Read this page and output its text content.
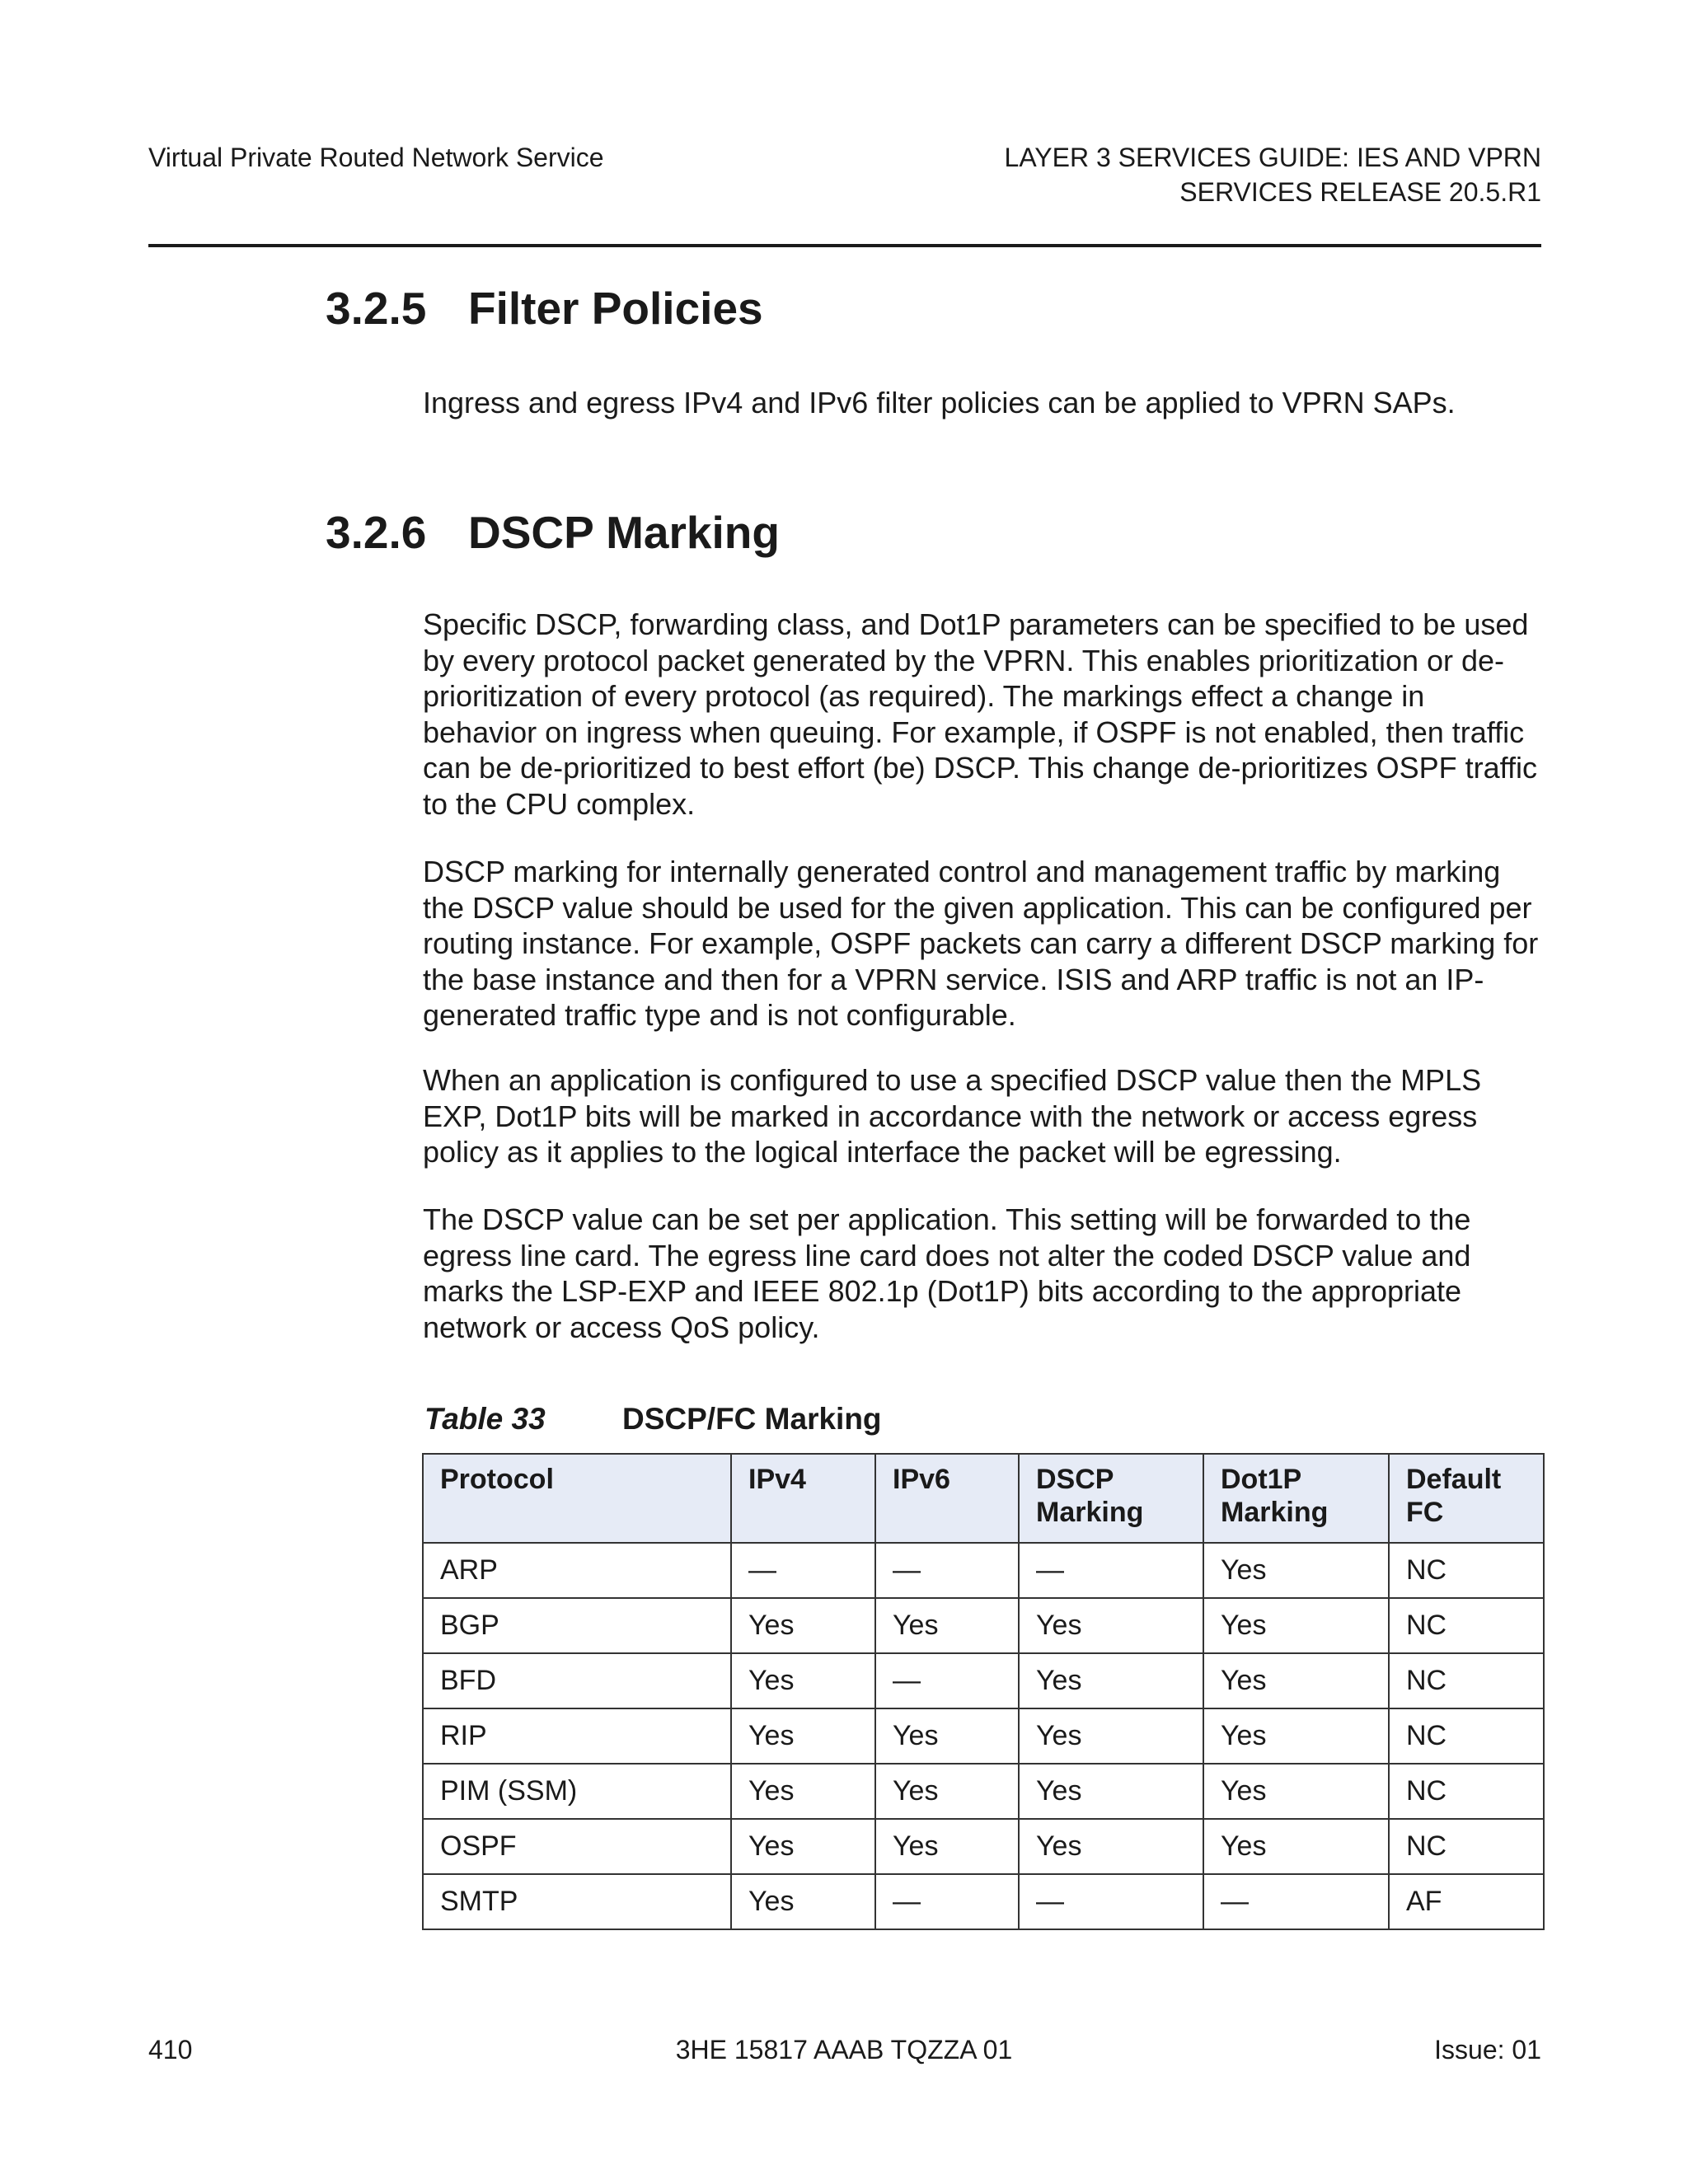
Virtual Private Routed Network Service	LAYER 3 SERVICES GUIDE: IES AND VPRN
SERVICES RELEASE 20.5.R1
3.2.5 Filter Policies

Ingress and egress IPv4 and IPv6 filter policies can be applied to VPRN SAPs.

3.2.6 DSCP Marking

Specific DSCP, forwarding class, and Dot1P parameters can be specified to be used by every protocol packet generated by the VPRN. This enables prioritization or de-prioritization of every protocol (as required). The markings effect a change in behavior on ingress when queuing. For example, if OSPF is not enabled, then traffic can be de-prioritized to best effort (be) DSCP. This change de-prioritizes OSPF traffic to the CPU complex.

DSCP marking for internally generated control and management traffic by marking the DSCP value should be used for the given application. This can be configured per routing instance. For example, OSPF packets can carry a different DSCP marking for the base instance and then for a VPRN service. ISIS and ARP traffic is not an IP-generated traffic type and is not configurable.

When an application is configured to use a specified DSCP value then the MPLS EXP, Dot1P bits will be marked in accordance with the network or access egress policy as it applies to the logical interface the packet will be egressing.

The DSCP value can be set per application. This setting will be forwarded to the egress line card. The egress line card does not alter the coded DSCP value and marks the LSP-EXP and IEEE 802.1p (Dot1P) bits according to the appropriate network or access QoS policy.

Table 33	DSCP/FC Marking
Protocol	IPv4	IPv6	DSCP Marking	Dot1P Marking	Default FC
ARP	—	—	—	Yes	NC
BGP	Yes	Yes	Yes	Yes	NC
BFD	Yes	—	Yes	Yes	NC
RIP	Yes	Yes	Yes	Yes	NC
PIM (SSM)	Yes	Yes	Yes	Yes	NC
OSPF	Yes	Yes	Yes	Yes	NC
SMTP	Yes	—	—	—	AF
410	3HE 15817 AAAB TQZZA 01	Issue: 01
